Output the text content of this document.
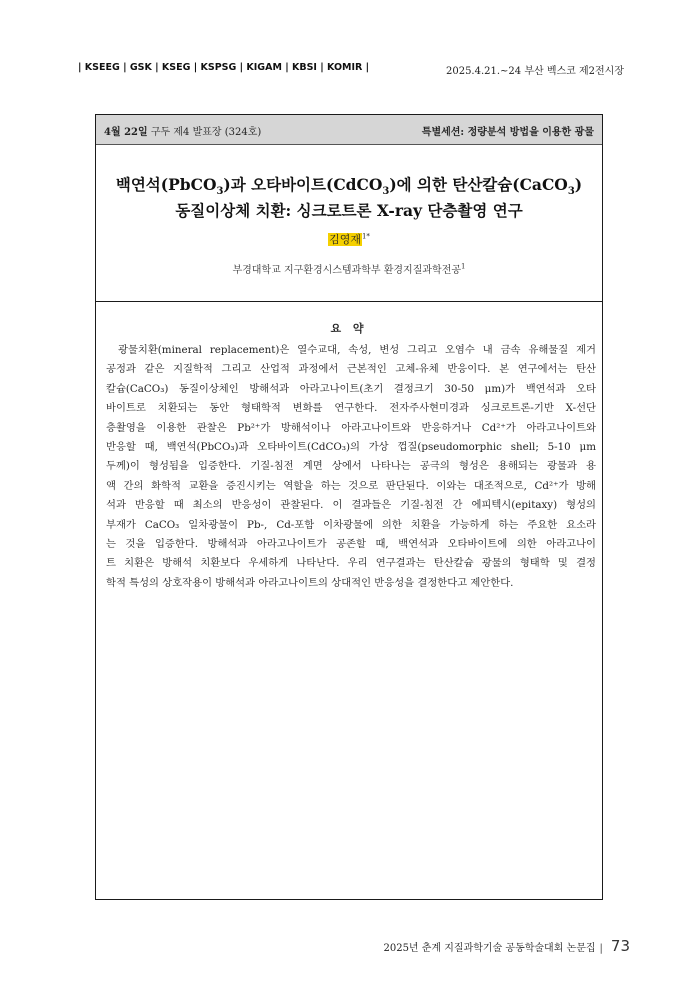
| KSEEG | GSK | KSEG | KSPSG | KIGAM | KBSI | KOMIR |	2025.4.21.~24 부산 벡스코 제2전시장
4월 22일 구두 제4 발표장 (324호)	특별세션: 정량분석 방법을 이용한 광물
백연석(PbCO$_3$)과 오타바이트(CdCO$_3$)에 의한 탄산칼슘(CaCO$_3$)
동질이상체 치환: 싱크로트론 X-ray 단층촬영 연구
김영재$^{1*}$
부경대학교 지구환경시스템과학부 환경지질과학전공$^1$
요 약
광물치환(mineral replacement)은 열수교대, 속성, 변성 그리고 오염수 내 금속 유해물질 제거
공정과 같은 지질학적 그리고 산업적 과정에서 근본적인 고체-유체 반응이다. 본 연구에서는 탄산
칼슘(CaCO₃) 동질이상체인 방해석과 아라고나이트(초기 결정크기 30-50 μm)가 백연석과 오타
바이트로 치환되는 동안 형태학적 변화를 연구한다. 전자주사현미경과 싱크로트론-기반 X-선단
층촬영을 이용한 관찰은 Pb²⁺가 방해석이나 아라고나이트와 반응하거나 Cd²⁺가 아라고나이트와
반응할 때, 백연석(PbCO₃)과 오타바이트(CdCO₃)의 가상 껍질(pseudomorphic shell; 5-10 μm
두께)이 형성됨을 입증한다. 기질-침전 계면 상에서 나타나는 공극의 형성은 용해되는 광물과 용
액 간의 화학적 교환을 증진시키는 역할을 하는 것으로 판단된다. 이와는 대조적으로, Cd²⁺가 방해
석과 반응할 때 최소의 반응성이 관찰된다. 이 결과들은 기질-침전 간 에피텍시(epitaxy) 형성의
부재가 CaCO₃ 일차광물이 Pb-, Cd-포함 이차광물에 의한 치환을 가능하게 하는 주요한 요소라
는 것을 입증한다. 방해석과 아라고나이트가 공존할 때, 백연석과 오타바이트에 의한 아라고나이
트 치환은 방해석 치환보다 우세하게 나타난다. 우리 연구결과는 탄산칼슘 광물의 형태학 및 결정
학적 특성의 상호작용이 방해석과 아라고나이트의 상대적인 반응성을 결정한다고 제안한다.
2025년 춘계 지질과학기술 공동학술대회 논문집 | 73
